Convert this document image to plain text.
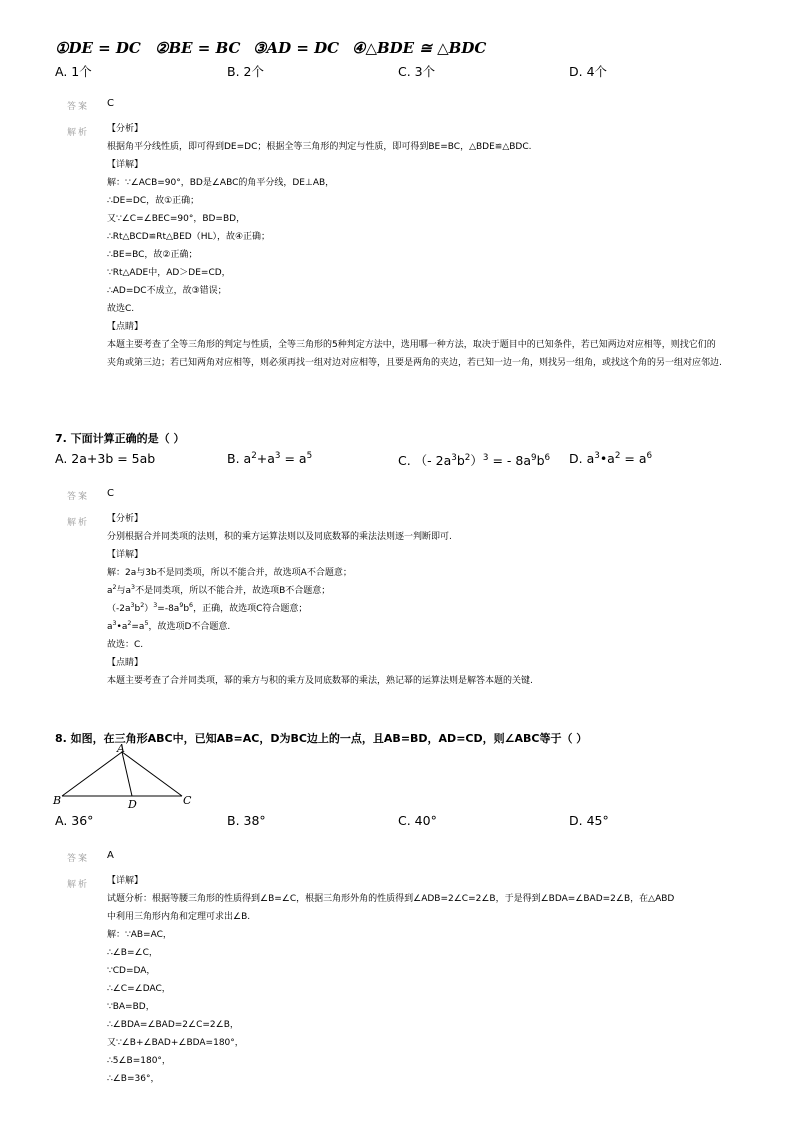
①DE = DC ②BE = BC ③AD = DC ④△BDE ≅ △BDC
A. 1个	B. 2个	C. 3个	D. 4个
答案 C
解析 【分析】
根据角平分线性质，即可得到DE=DC；根据全等三角形的判定与性质，即可得到BE=BC，△BDE≌△BDC.
【详解】
解：∵∠ACB=90°，BD是∠ABC的角平分线，DE⊥AB，
∴DE=DC，故①正确；
又∵∠C=∠BEC=90°，BD=BD，
∴Rt△BCD≌Rt△BED（HL），故④正确；
∴BE=BC，故②正确；
∵Rt△ADE中，AD＞DE=CD，
∴AD=DC不成立，故③错误；
故选C.
【点睛】
本题主要考查了全等三角形的判定与性质，全等三角形的5种判定方法中，选用哪一种方法，取决于题目中的已知条件，若已知两边对应相等，则找它们的夹角或第三边；若已知两角对应相等，则必须再找一组对边对应相等，且要是两角的夹边，若已知一边一角，则找另一组角，或找这个角的另一组对应邻边.
7. 下面计算正确的是（ ）
A. 2a+3b = 5ab	B. $a^2+a^3 = a^5$	C. （- $2a^3b^2)^3$ = - $8a^9b^6$ D. $a^3•a^2 = a^6$
答案 C
解析 【分析】
分别根据合并同类项的法则，积的乘方运算法则以及同底数幂的乘法法则逐一判断即可.
【详解】
解：2a与3b不是同类项，所以不能合并，故选项A不合题意；
$a^2$与$a^3$不是同类项，所以不能合并，故选项B不合题意；
$(-2a^3b^2)^3=-8a^9b^6$，正确，故选项C符合题意；
$a^3•a^2=a^5$，故选项D不合题意.
故选：C.
【点睛】
本题主要考查了合并同类项，幂的乘方与积的乘方及同底数幂的乘法，熟记幂的运算法则是解答本题的关键.
8. 如图，在三角形ABC中，已知AB=AC，D为BC边上的一点，且AB=BD，AD=CD，则∠ABC等于（ ）
A
B	D	C
A. 36°	B. 38°	C. 40°	D. 45°
答案 A
解析 【详解】
试题分析：根据等腰三角形的性质得到∠B=∠C，根据三角形外角的性质得到∠ADB=2∠C=2∠B，于是得到∠BDA=∠BAD=2∠B，在△ABD
中利用三角形内角和定理可求出∠B.
解：∵AB=AC，
∴∠B=∠C，
∵CD=DA，
∴∠C=∠DAC，
∵BA=BD，
∴∠BDA=∠BAD=2∠C=2∠B，
又∵∠B+∠BAD+∠BDA=180°，
∴5∠B=180°，
∴∠B=36°，
